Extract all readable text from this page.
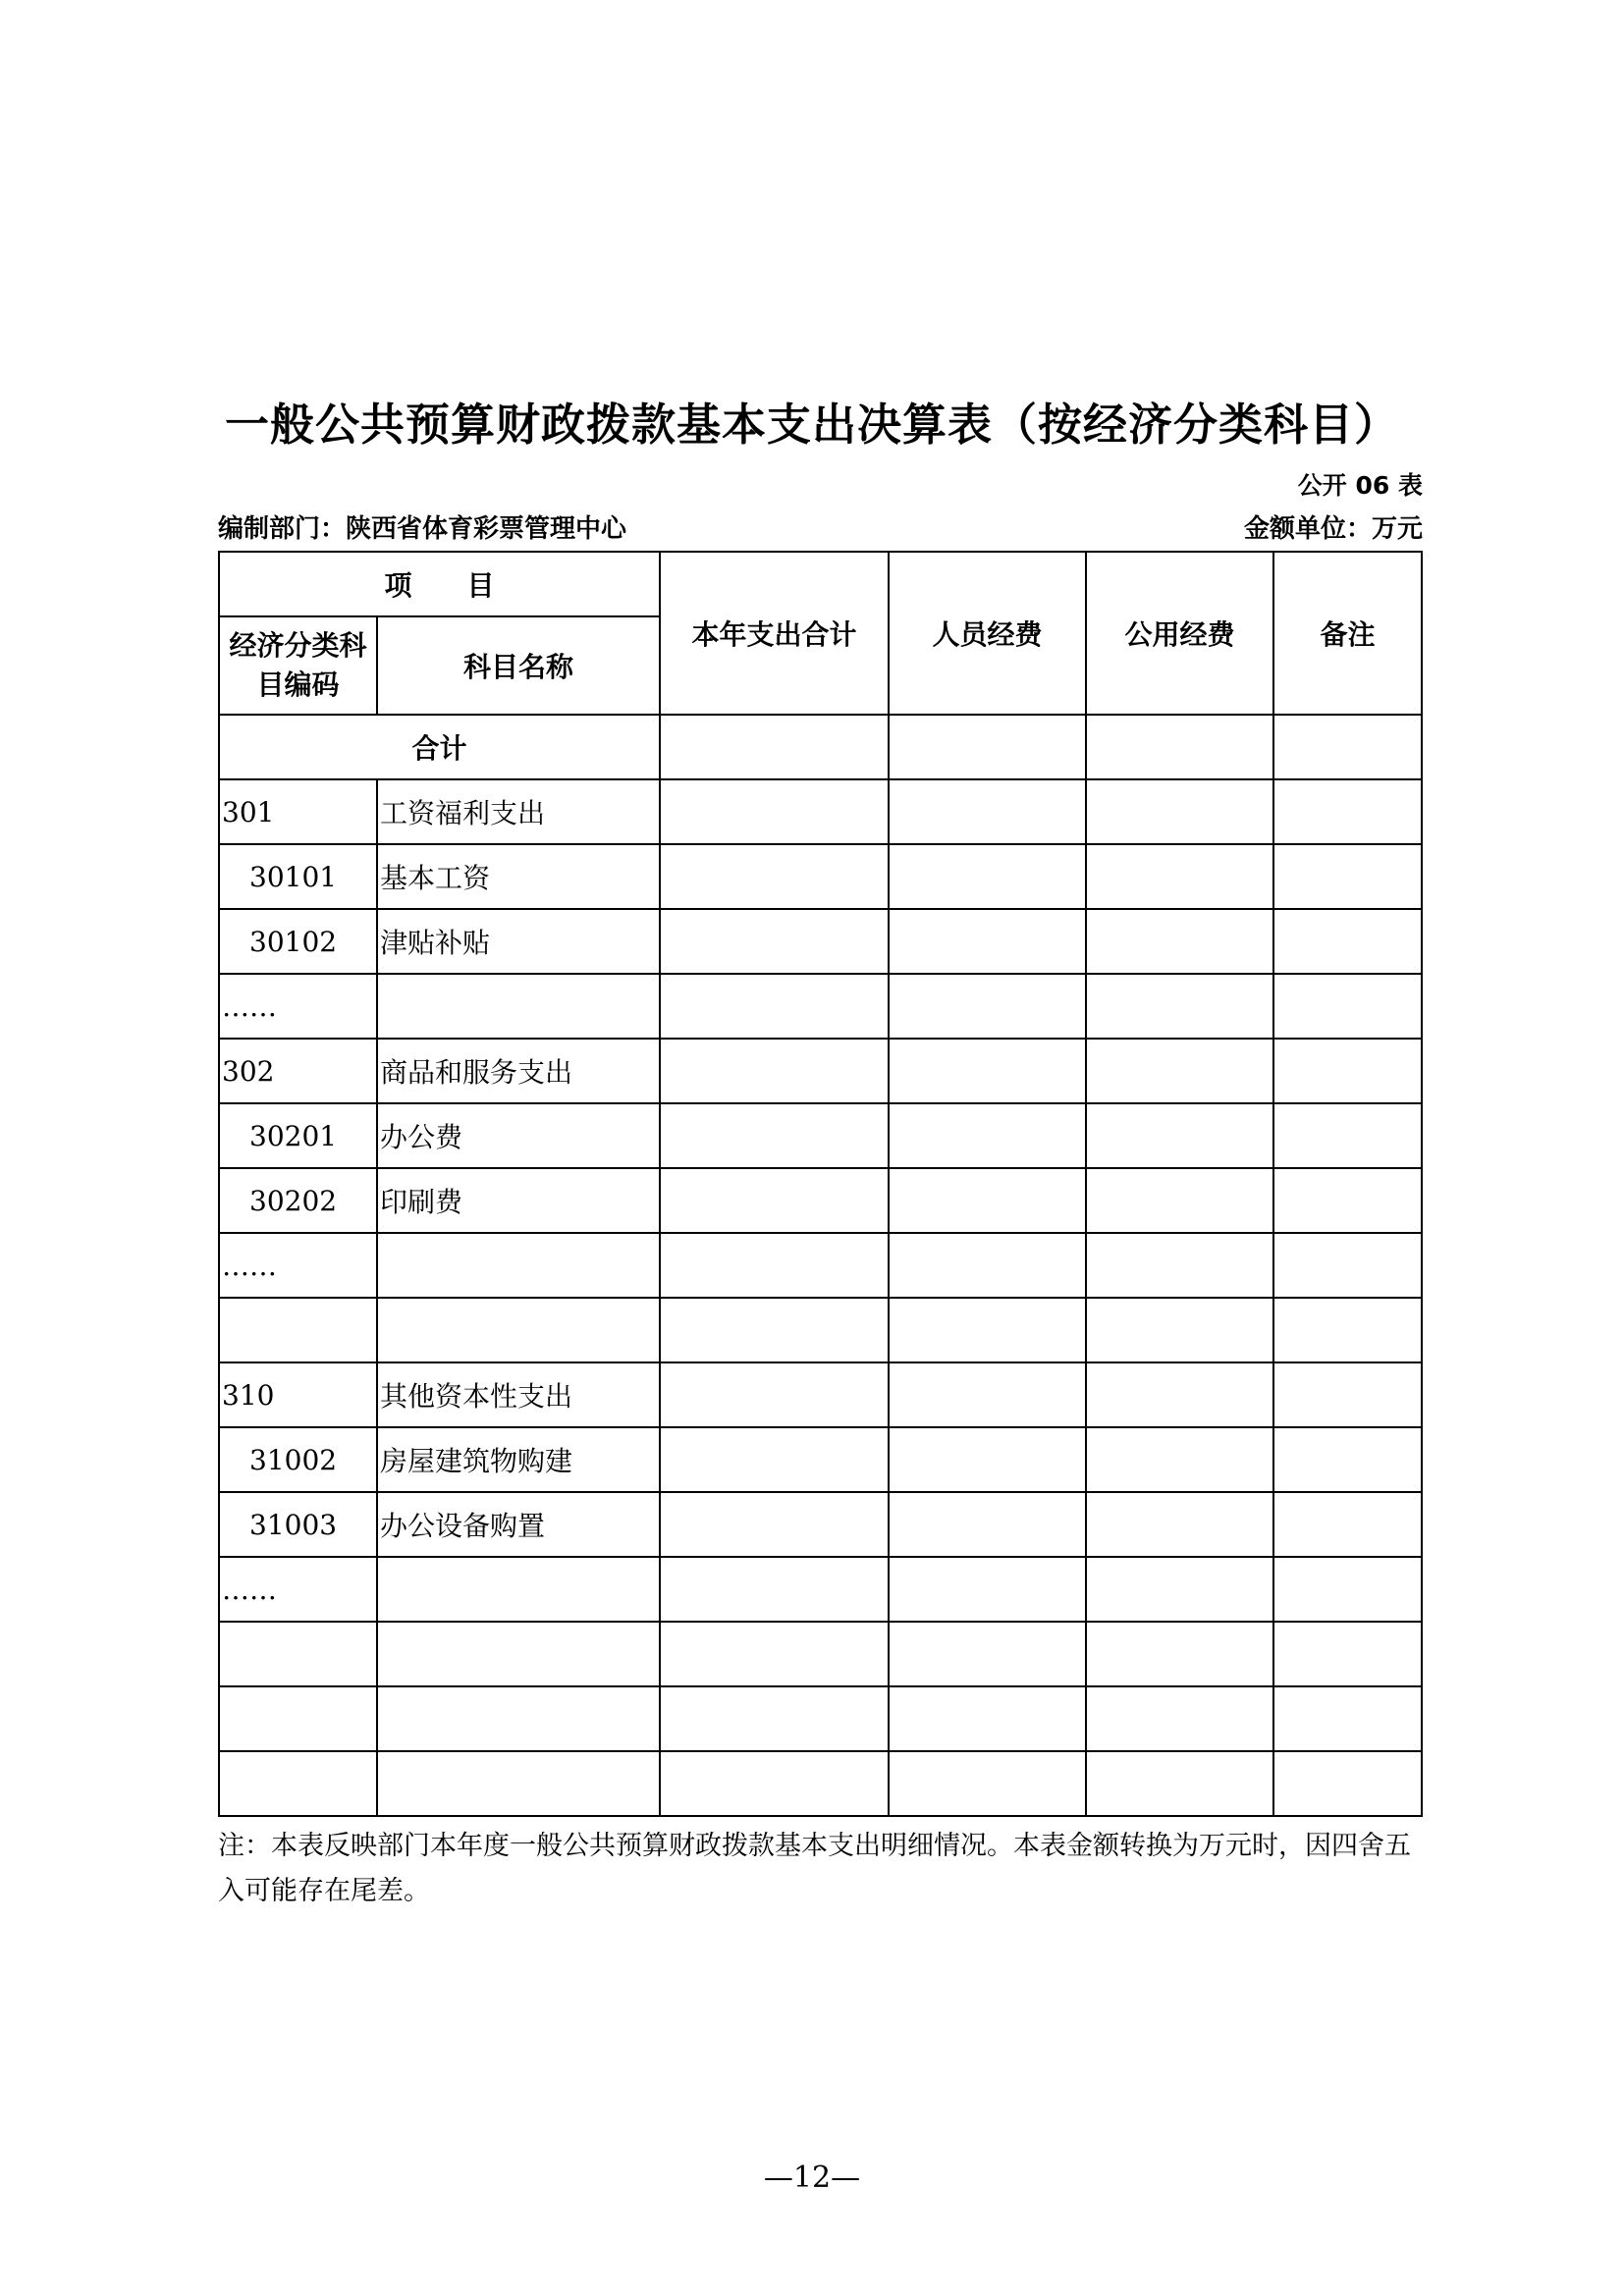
一般公共预算财政拨款基本支出决算表（按经济分类科目）
公开 06 表
编制部门：陕西省体育彩票管理中心	金额单位：万元
项　　目		本年支出合计	人员经费	公用经费	备注
经济分类科目编码	科目名称				
合计					
301	工资福利支出				
30101	基本工资				
30102	津贴补贴				
……					
302	商品和服务支出				
30201	办公费				
30202	印刷费				
……					

310	其他资本性支出				
31002	房屋建筑物购建				
31003	办公设备购置				
……					

注：本表反映部门本年度一般公共预算财政拨款基本支出明细情况。本表金额转换为万元时，因四舍五入可能存在尾差。
—12—
